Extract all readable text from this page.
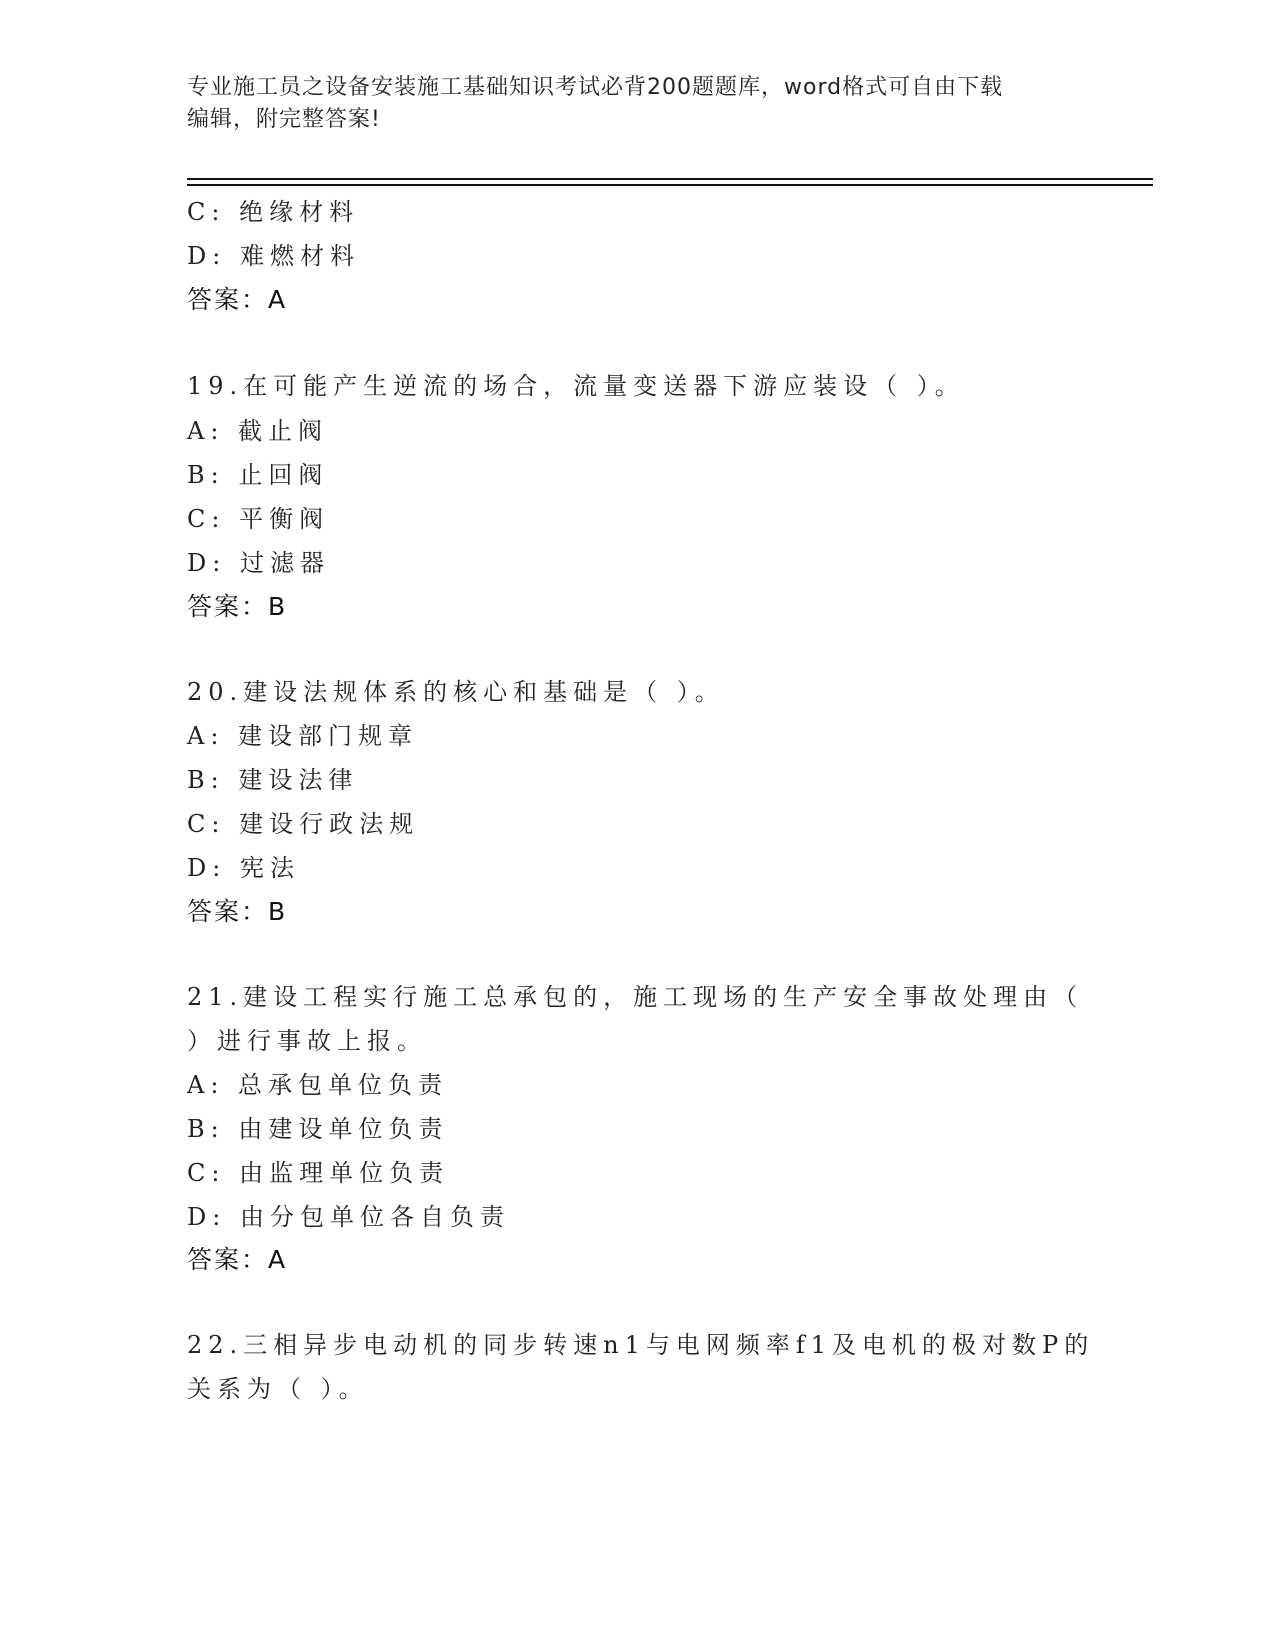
专业施工员之设备安装施工基础知识考试必背200题题库，word格式可自由下载
编辑，附完整答案!
C: 绝缘材料
D: 难燃材料
答案：A
19.在可能产生逆流的场合，流量变送器下游应装设（ ）。
A: 截止阀
B: 止回阀
C: 平衡阀
D: 过滤器
答案：B
20.建设法规体系的核心和基础是（ ）。
A: 建设部门规章
B: 建设法律
C: 建设行政法规
D: 宪法
答案：B
21.建设工程实行施工总承包的，施工现场的生产安全事故处理由（
）进行事故上报。
A: 总承包单位负责
B: 由建设单位负责
C: 由监理单位负责
D: 由分包单位各自负责
答案：A
22.三相异步电动机的同步转速n1与电网频率f1及电机的极对数P的
关系为（ ）。
